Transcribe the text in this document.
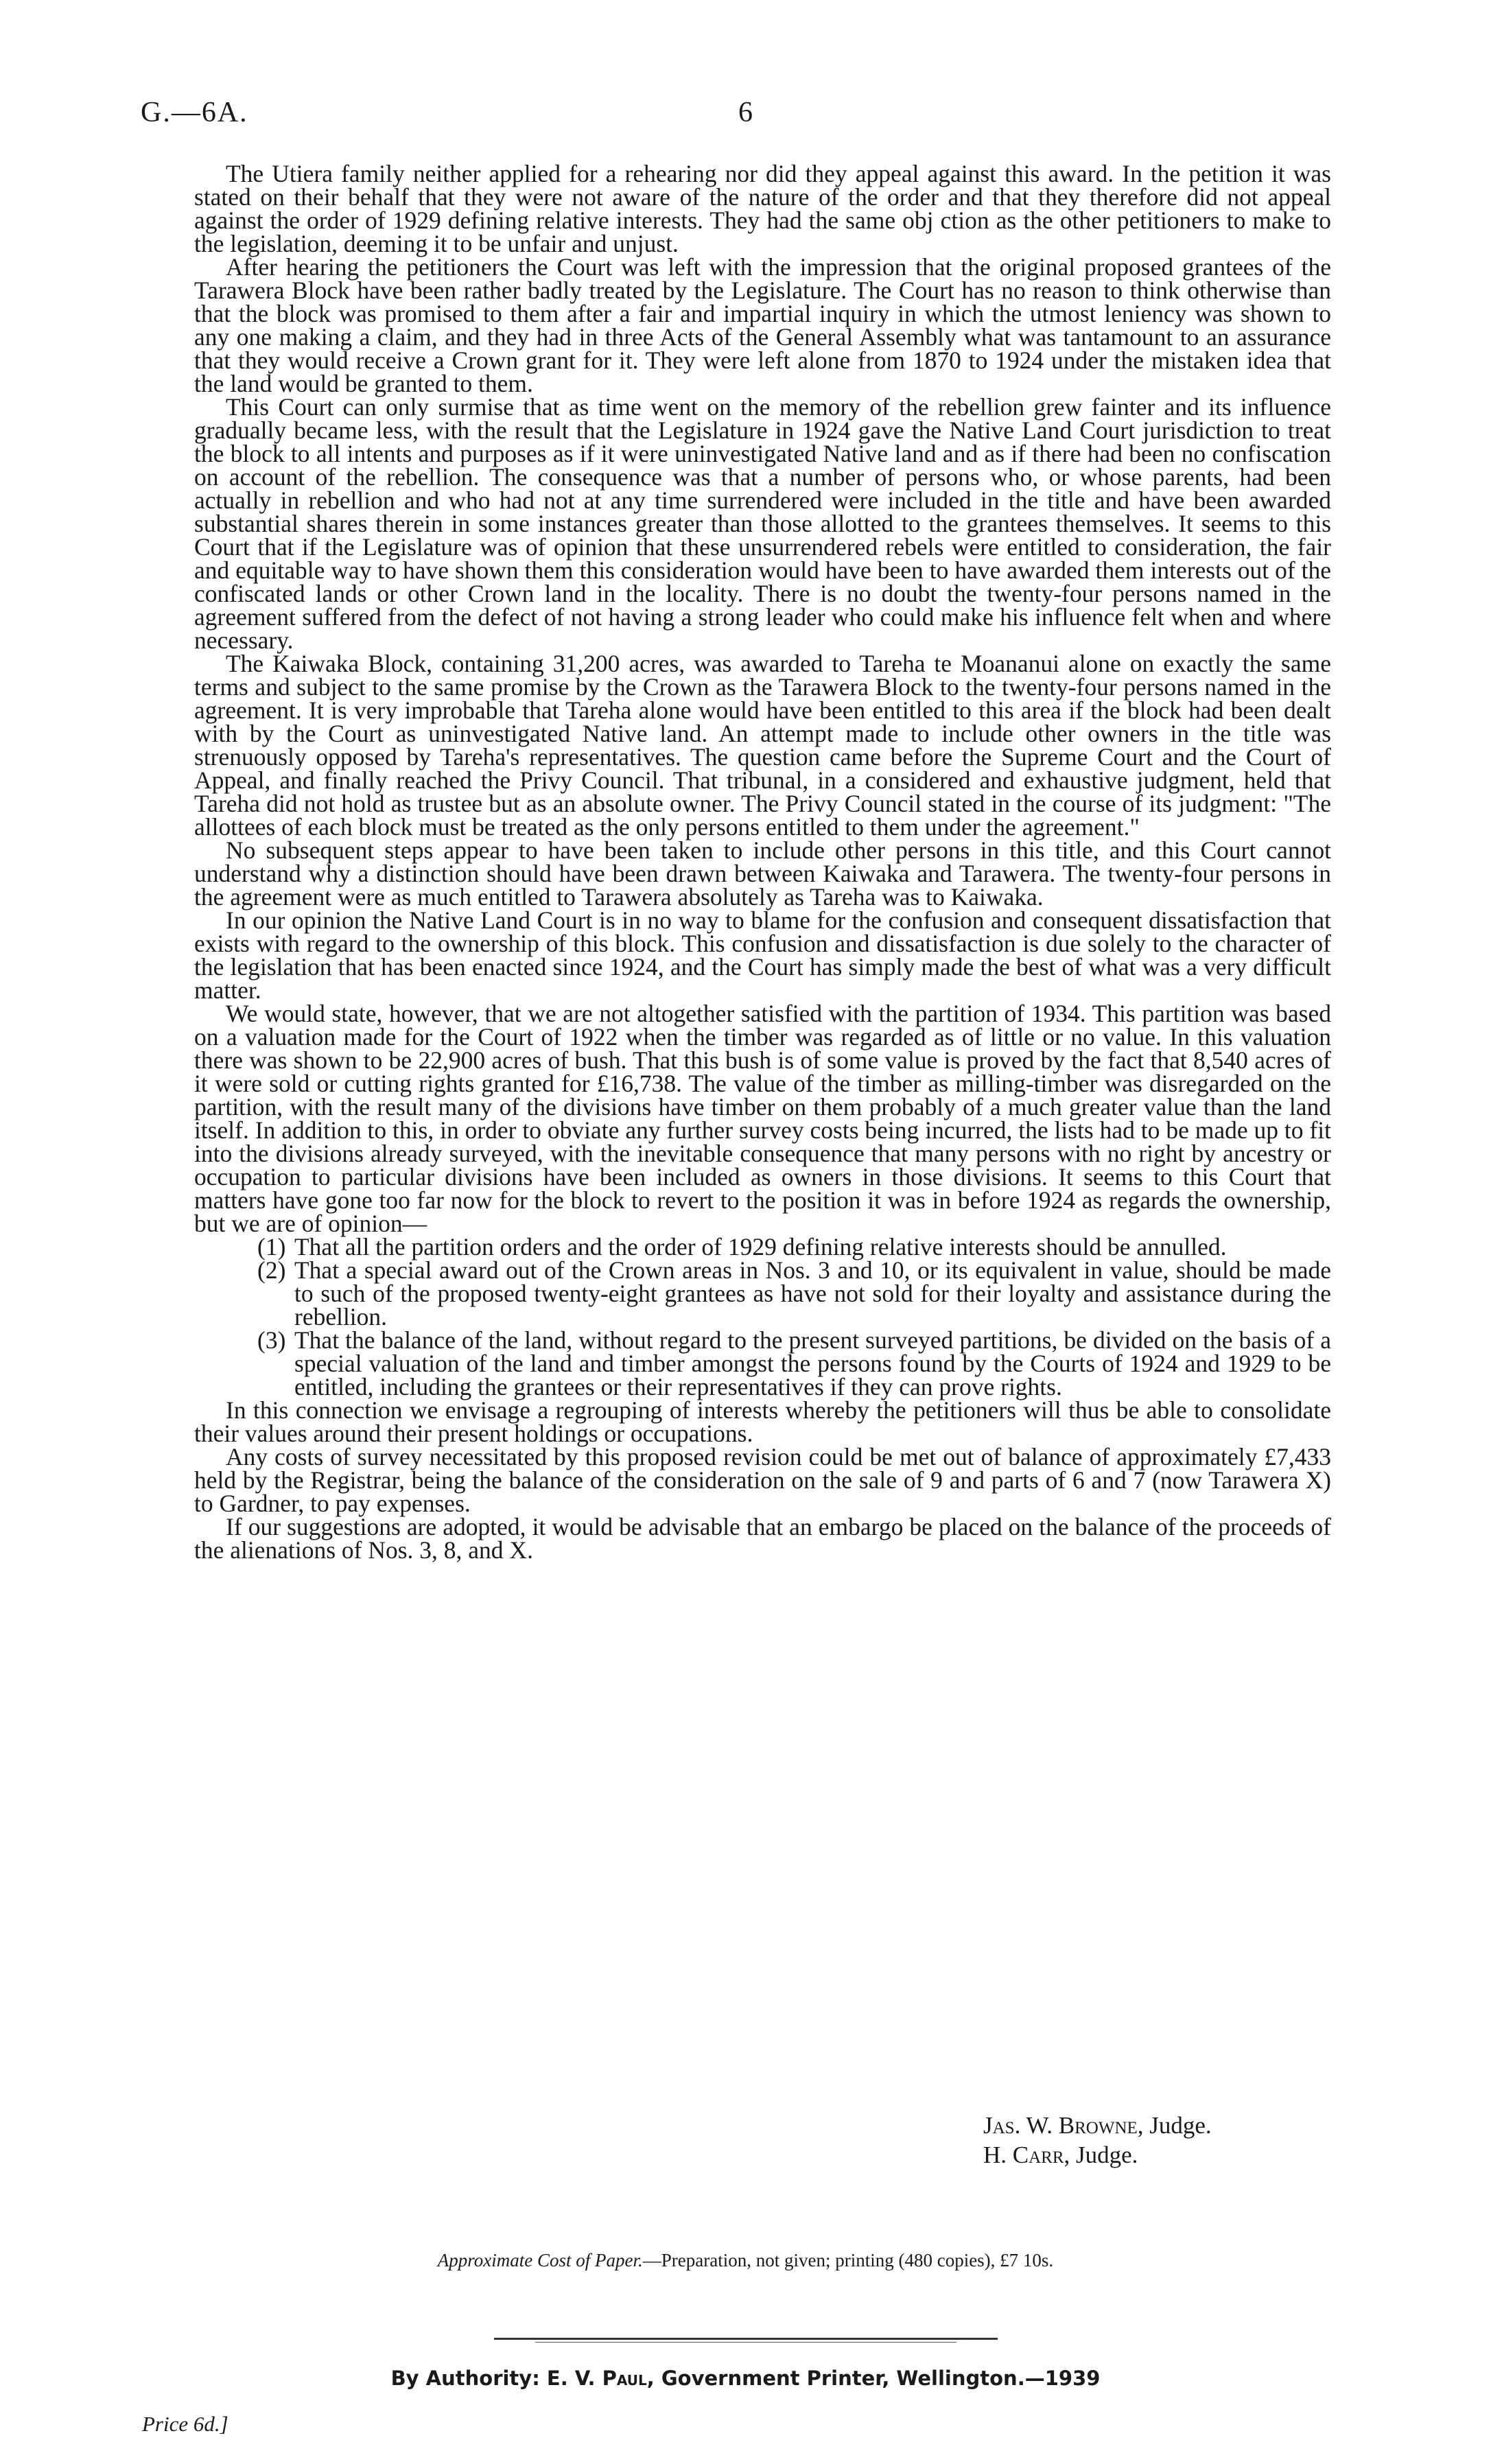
G.—6A.	6

The Utiera family neither applied for a rehearing nor did they appeal against this award. In the petition it was stated on their behalf that they were not aware of the nature of the order and that they therefore did not appeal against the order of 1929 defining relative interests. They had the same obj ction as the other petitioners to make to the legislation, deeming it to be unfair and unjust.

After hearing the petitioners the Court was left with the impression that the original proposed grantees of the Tarawera Block have been rather badly treated by the Legislature. The Court has no reason to think otherwise than that the block was promised to them after a fair and impartial inquiry in which the utmost leniency was shown to any one making a claim, and they had in three Acts of the General Assembly what was tantamount to an assurance that they would receive a Crown grant for it. They were left alone from 1870 to 1924 under the mistaken idea that the land would be granted to them.

This Court can only surmise that as time went on the memory of the rebellion grew fainter and its influence gradually became less, with the result that the Legislature in 1924 gave the Native Land Court jurisdiction to treat the block to all intents and purposes as if it were uninvestigated Native land and as if there had been no confiscation on account of the rebellion. The consequence was that a number of persons who, or whose parents, had been actually in rebellion and who had not at any time surrendered were included in the title and have been awarded substantial shares therein in some instances greater than those allotted to the grantees themselves. It seems to this Court that if the Legislature was of opinion that these unsurrendered rebels were entitled to consideration, the fair and equitable way to have shown them this consideration would have been to have awarded them interests out of the confiscated lands or other Crown land in the locality. There is no doubt the twenty-four persons named in the agreement suffered from the defect of not having a strong leader who could make his influence felt when and where necessary.

The Kaiwaka Block, containing 31,200 acres, was awarded to Tareha te Moananui alone on exactly the same terms and subject to the same promise by the Crown as the Tarawera Block to the twenty-four persons named in the agreement. It is very improbable that Tareha alone would have been entitled to this area if the block had been dealt with by the Court as uninvestigated Native land. An attempt made to include other owners in the title was strenuously opposed by Tareha's representatives. The question came before the Supreme Court and the Court of Appeal, and finally reached the Privy Council. That tribunal, in a considered and exhaustive judgment, held that Tareha did not hold as trustee but as an absolute owner. The Privy Council stated in the course of its judgment: "The allottees of each block must be treated as the only persons entitled to them under the agreement."

No subsequent steps appear to have been taken to include other persons in this title, and this Court cannot understand why a distinction should have been drawn between Kaiwaka and Tarawera. The twenty-four persons in the agreement were as much entitled to Tarawera absolutely as Tareha was to Kaiwaka.

In our opinion the Native Land Court is in no way to blame for the confusion and consequent dissatisfaction that exists with regard to the ownership of this block. This confusion and dissatisfaction is due solely to the character of the legislation that has been enacted since 1924, and the Court has simply made the best of what was a very difficult matter.

We would state, however, that we are not altogether satisfied with the partition of 1934. This partition was based on a valuation made for the Court of 1922 when the timber was regarded as of little or no value. In this valuation there was shown to be 22,900 acres of bush. That this bush is of some value is proved by the fact that 8,540 acres of it were sold or cutting rights granted for £16,738. The value of the timber as milling-timber was disregarded on the partition, with the result many of the divisions have timber on them probably of a much greater value than the land itself. In addition to this, in order to obviate any further survey costs being incurred, the lists had to be made up to fit into the divisions already surveyed, with the inevitable consequence that many persons with no right by ancestry or occupation to particular divisions have been included as owners in those divisions. It seems to this Court that matters have gone too far now for the block to revert to the position it was in before 1924 as regards the ownership, but we are of opinion—

(1) That all the partition orders and the order of 1929 defining relative interests should be annulled.
(2) That a special award out of the Crown areas in Nos. 3 and 10, or its equivalent in value, should be made to such of the proposed twenty-eight grantees as have not sold for their loyalty and assistance during the rebellion.
(3) That the balance of the land, without regard to the present surveyed partitions, be divided on the basis of a special valuation of the land and timber amongst the persons found by the Courts of 1924 and 1929 to be entitled, including the grantees or their representatives if they can prove rights.

In this connection we envisage a regrouping of interests whereby the petitioners will thus be able to consolidate their values around their present holdings or occupations.

Any costs of survey necessitated by this proposed revision could be met out of balance of approximately £7,433 held by the Registrar, being the balance of the consideration on the sale of 9 and parts of 6 and 7 (now Tarawera X) to Gardner, to pay expenses.

If our suggestions are adopted, it would be advisable that an embargo be placed on the balance of the proceeds of the alienations of Nos. 3, 8, and X.

Jas. W. Browne, Judge.
H. Carr, Judge.
Approximate Cost of Paper.—Preparation, not given; printing (480 copies), £7 10s.
By Authority: E. V. Paul, Government Printer, Wellington.—1939
Price 6d.]
